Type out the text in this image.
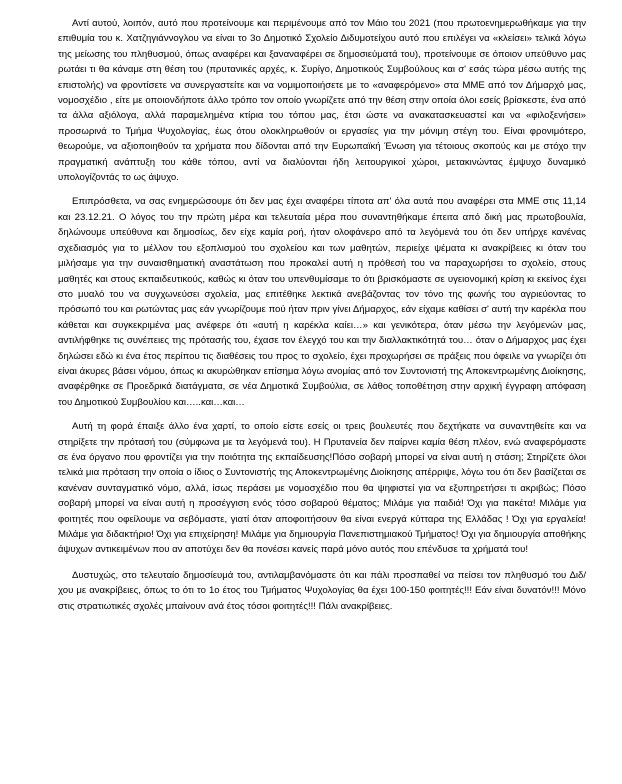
Αντί αυτού, λοιπόν, αυτό που προτείνουμε και περιμένουμε από τον Μάιο του 2021 (που πρωτοενημερωθήκαμε για την επιθυμία του κ. Χατζηγιάννογλου να είναι το 3ο Δημοτικό Σχολείο Διδυμοτείχου αυτό που επιλέγει να «κλείσει» τελικά λόγω της μείωσης του πληθυσμού, όπως αναφέρει και ξαναναφέρει σε δημοσιεύματά του), προτείνουμε σε όποιον υπεύθυνο μας ρωτάει τι θα κάναμε στη θέση του (πρυτανικές αρχές, κ. Συρίγο, Δημοτικούς Συμβούλους και σ' εσάς τώρα μέσω αυτής της επιστολής) να φροντίσετε να συνεργαστείτε και να νομιμοποιήσετε με το «αναφερόμενο» στα ΜΜΕ από τον Δήμαρχό μας, νομοσχέδιο , είτε με οποιονδήποτε άλλο τρόπο τον οποίο γνωρίζετε από την θέση στην οποία όλοι εσείς βρίσκεστε, ένα από τα άλλα αξιόλογα, αλλά παραμελημένα κτίρια του τόπου μας, έτσι ώστε να ανακατασκευαστεί και να «φιλοξενήσει» προσωρινά το Τμήμα Ψυχολογίας, έως ότου ολοκληρωθούν οι εργασίες για την μόνιμη στέγη του. Είναι φρονιμότερο, θεωρούμε, να αξιοποιηθούν τα χρήματα που δίδονται από την Ευρωπαϊκή Ένωση για τέτοιους σκοπούς και με στόχο την πραγματική ανάπτυξη του κάθε τόπου, αντί να διαλύονται ήδη λειτουργικοί χώροι, μετακινώντας έμψυχο δυναμικό υπολογίζοντάς το ως άψυχο.

Επιπρόσθετα, να σας ενημερώσουμε ότι δεν μας έχει αναφέρει τίποτα απ' όλα αυτά που αναφέρει στα ΜΜΕ στις 11,14 και 23.12.21. Ο λόγος του την πρώτη μέρα και τελευταία μέρα που συναντηθήκαμε έπειτα από δική μας πρωτοβουλία, δηλώνουμε υπεύθυνα και δημοσίως, δεν είχε καμία ροή, ήταν ολοφάνερο από τα λεγόμενά του ότι δεν υπήρχε κανένας σχεδιασμός για το μέλλον του εξοπλισμού του σχολείου και των μαθητών, περιείχε ψέματα κι ανακρίβειες κι όταν του μιλήσαμε για την συναισθηματική αναστάτωση που προκαλεί αυτή η πρόθεσή του να παραχωρήσει το σχολείο, στους μαθητές και στους εκπαιδευτικούς, καθώς κι όταν του υπενθυμίσαμε το ότι βρισκόμαστε σε υγειονομική κρίση κι εκείνος έχει στο μυαλό του να συγχωνεύσει σχολεία, μας επιτέθηκε λεκτικά ανεβάζοντας τον τόνο της φωνής του αγριεύοντας το πρόσωπό του και ρωτώντας μας εάν γνωρίζουμε πού ήταν πριν γίνει Δήμαρχος, εάν είχαμε καθίσει σ' αυτή την καρέκλα που κάθεται και συγκεκριμένα μας ανέφερε ότι «αυτή η καρέκλα καίει…» και γενικότερα, όταν μέσω την λεγόμενών μας, αντιλήφθηκε τις συνέπειες της πρότασής του, έχασε τον έλεγχό του και την διαλλακτικότητά του… όταν ο Δήμαρχος μας έχει δηλώσει εδώ κι ένα έτος περίπου τις διαθέσεις του προς το σχολείο, έχει προχωρήσει σε πράξεις που όφειλε να γνωρίζει ότι είναι άκυρες βάσει νόμου, όπως κι ακυρώθηκαν επίσημα λόγω ανομίας από τον Συντονιστή της Αποκεντρωμένης Διοίκησης, αναφέρθηκε σε Προεδρικά διατάγματα, σε νέα Δημοτικά Συμβούλια, σε λάθος τοποθέτηση στην αρχική έγγραφη απόφαση του Δημοτικού Συμβουλίου και…..και…και…

Αυτή τη φορά έπαιξε άλλο ένα χαρτί, το οποίο είστε εσείς οι τρεις βουλευτές που δεχτήκατε να συναντηθείτε και να στηρίξετε την πρότασή του (σύμφωνα με τα λεγόμενά του). Η Πρυτανεία δεν παίρνει καμία θέση πλέον, ενώ αναφερόμαστε σε ένα όργανο που φροντίζει για την ποιότητα της εκπαίδευσης!Πόσο σοβαρή μπορεί να είναι αυτή η στάση; Στηρίζετε όλοι τελικά μια πρόταση την οποία ο ίδιος ο Συντονιστής της Αποκεντρωμένης Διοίκησης απέρριψε, λόγω του ότι δεν βασίζεται σε κανέναν συνταγματικό νόμο, αλλά, ίσως περάσει με νομοσχέδιο που θα ψηφιστεί για να εξυπηρετήσει τι ακριβώς; Πόσο σοβαρή μπορεί να είναι αυτή η προσέγγιση ενός τόσο σοβαρού θέματος; Μιλάμε για παιδιά! Όχι για πακέτα! Μιλάμε για φοιτητές που οφείλουμε να σεβόμαστε, γιατί όταν αποφοιτήσουν θα είναι ενεργά κύτταρα της Ελλάδας ! Όχι για εργαλεία! Μιλάμε για διδακτήριο! Όχι για επιχείρηση! Μιλάμε για δημιουργία Πανεπιστημιακού Τμήματος! Όχι για δημιουργία αποθήκης άψυχων αντικειμένων που αν αποτύχει δεν θα πονέσει κανείς παρά μόνο αυτός που επένδυσε τα χρήματά του!

Δυστυχώς, στο τελευταίο δημοσίευμά του, αντιλαμβανόμαστε ότι και πάλι προσπαθεί να πείσει τον πληθυσμό του Διδ/χου με ανακρίβειες, όπως το ότι το 1ο έτος του Τμήματος Ψυχολογίας θα έχει 100-150 φοιτητές!!! Εάν είναι δυνατόν!!! Μόνο στις στρατιωτικές σχολές μπαίνουν ανά έτος τόσοι φοιτητές!!! Πάλι ανακρίβειες.
